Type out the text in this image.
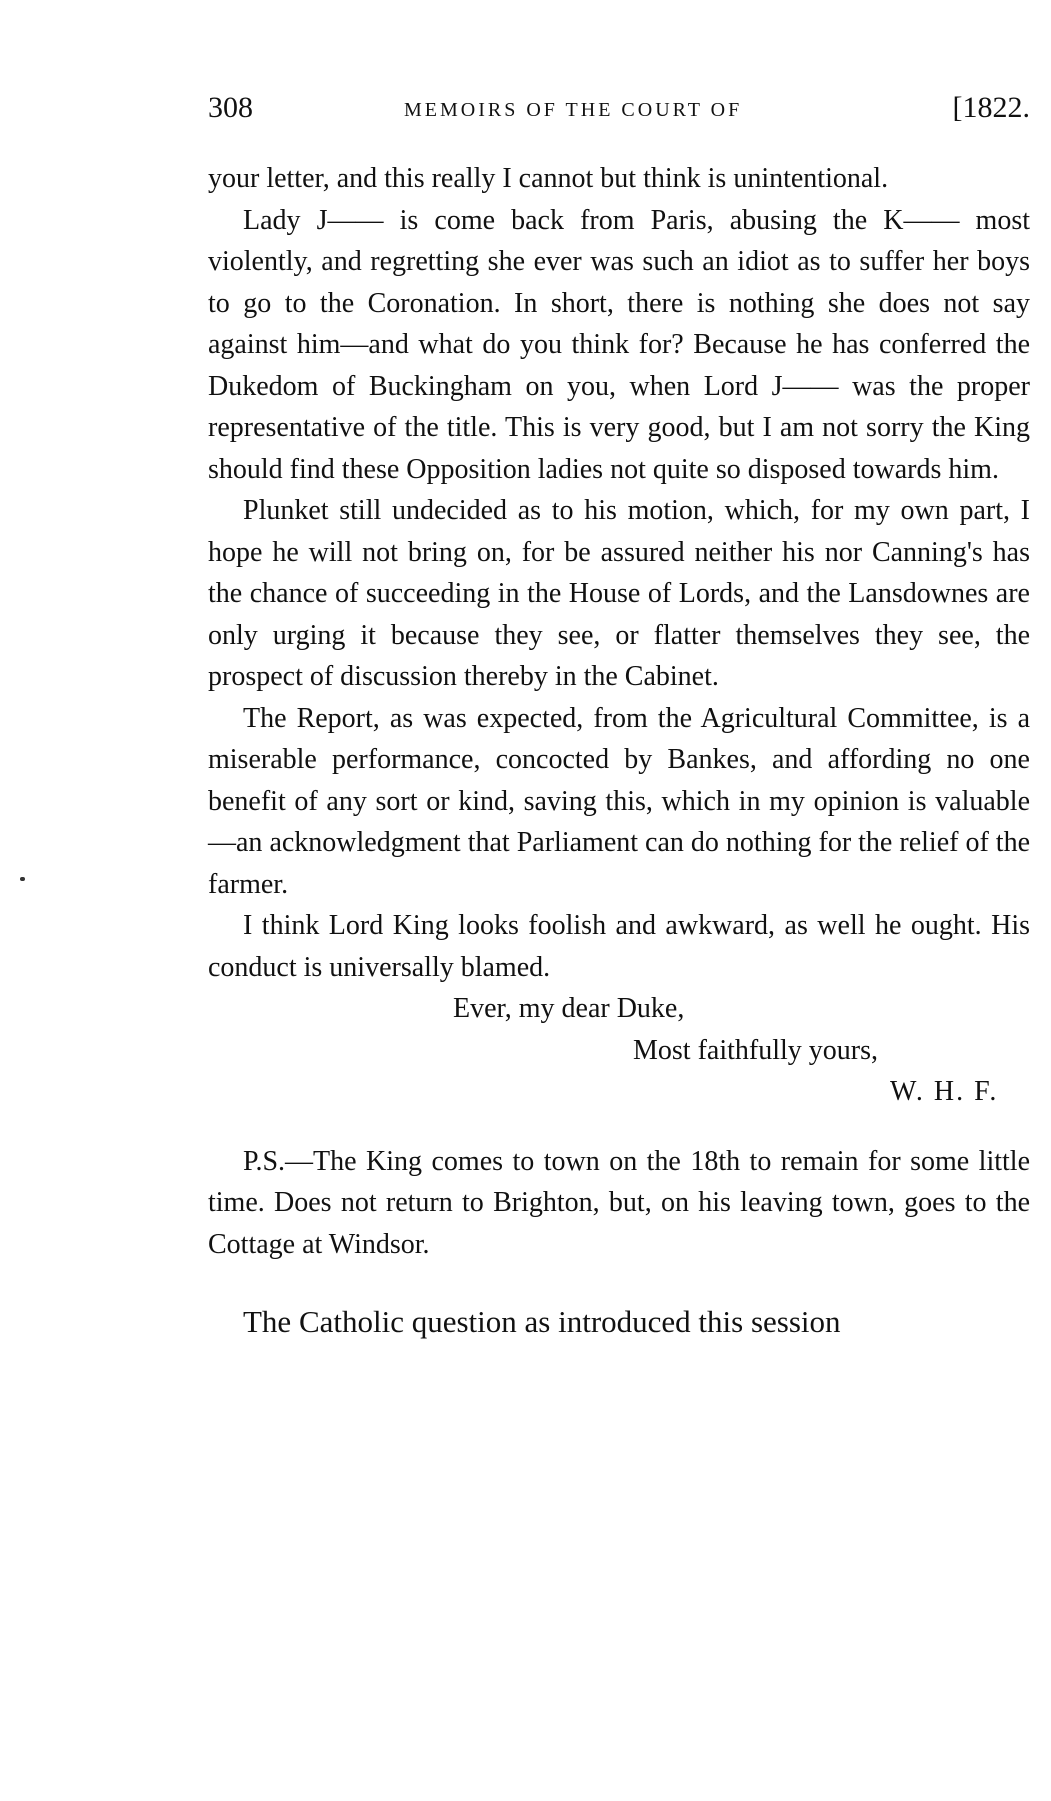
308	MEMOIRS OF THE COURT OF	[1822.

your letter, and this really I cannot but think is unintentional.

Lady J—— is come back from Paris, abusing the K—— most violently, and regretting she ever was such an idiot as to suffer her boys to go to the Coronation. In short, there is nothing she does not say against him—and what do you think for? Because he has conferred the Dukedom of Buckingham on you, when Lord J—— was the proper representative of the title. This is very good, but I am not sorry the King should find these Opposition ladies not quite so disposed towards him.

Plunket still undecided as to his motion, which, for my own part, I hope he will not bring on, for be assured neither his nor Canning's has the chance of succeeding in the House of Lords, and the Lansdownes are only urging it because they see, or flatter themselves they see, the prospect of discussion thereby in the Cabinet.

The Report, as was expected, from the Agricultural Committee, is a miserable performance, concocted by Bankes, and affording no one benefit of any sort or kind, saving this, which in my opinion is valuable—an acknowledgment that Parliament can do nothing for the relief of the farmer.

I think Lord King looks foolish and awkward, as well he ought. His conduct is universally blamed.

Ever, my dear Duke,
Most faithfully yours,
W. H. F.

P.S.—The King comes to town on the 18th to remain for some little time. Does not return to Brighton, but, on his leaving town, goes to the Cottage at Windsor.

The Catholic question as introduced this session
